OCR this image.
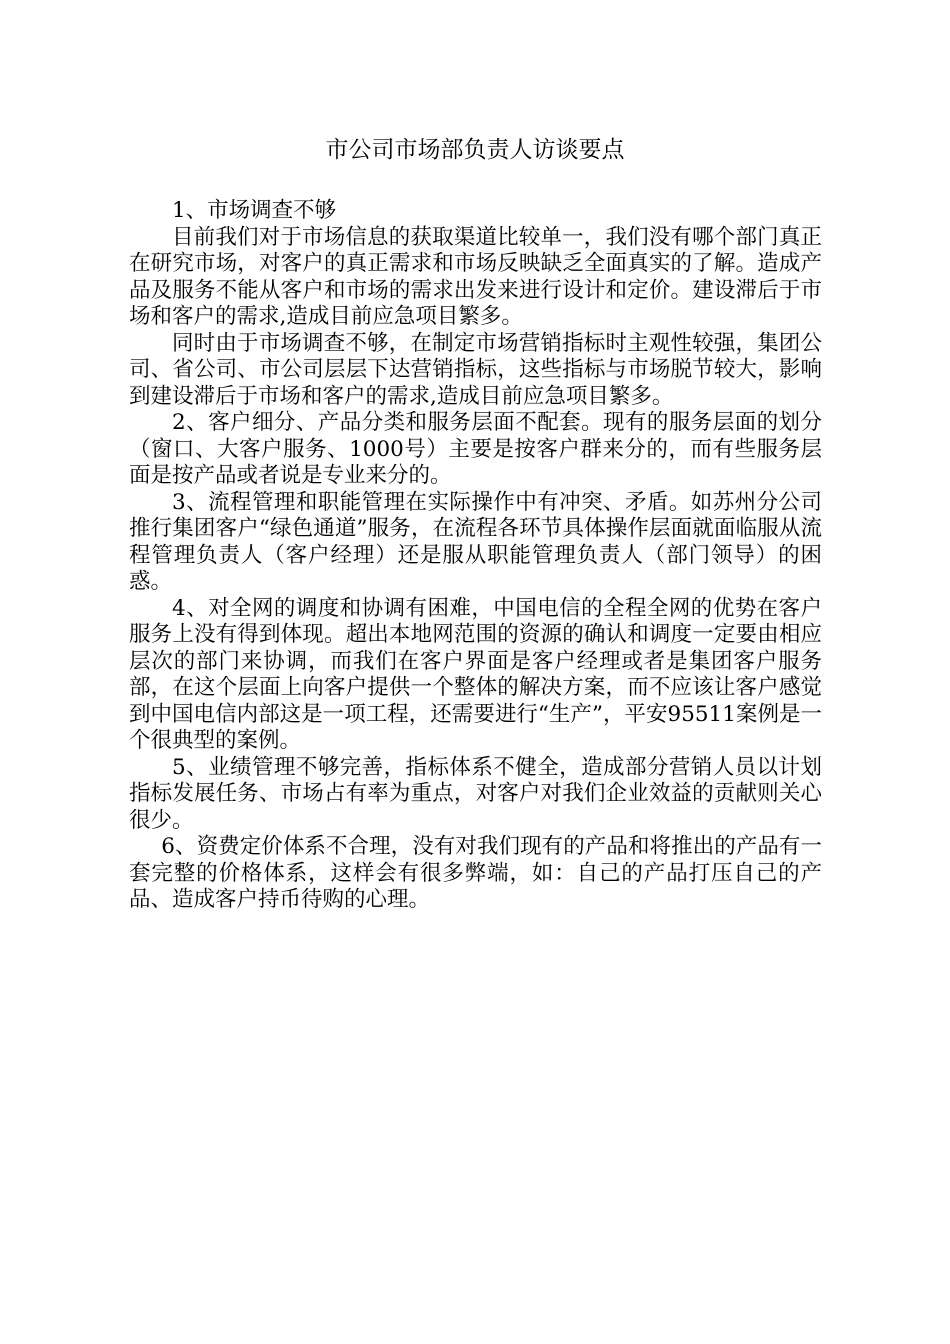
市公司市场部负责人访谈要点

1、市场调查不够

目前我们对于市场信息的获取渠道比较单一，我们没有哪个部门真正在研究市场，对客户的真正需求和市场反映缺乏全面真实的了解。造成产品及服务不能从客户和市场的需求出发来进行设计和定价。建设滞后于市场和客户的需求,造成目前应急项目繁多。

同时由于市场调查不够，在制定市场营销指标时主观性较强，集团公司、省公司、市公司层层下达营销指标，这些指标与市场脱节较大，影响到建设滞后于市场和客户的需求,造成目前应急项目繁多。

2、客户细分、产品分类和服务层面不配套。现有的服务层面的划分（窗口、大客户服务、1000号）主要是按客户群来分的，而有些服务层面是按产品或者说是专业来分的。

3、流程管理和职能管理在实际操作中有冲突、矛盾。如苏州分公司推行集团客户“绿色通道”服务，在流程各环节具体操作层面就面临服从流程管理负责人（客户经理）还是服从职能管理负责人（部门领导）的困惑。

4、对全网的调度和协调有困难，中国电信的全程全网的优势在客户服务上没有得到体现。超出本地网范围的资源的确认和调度一定要由相应层次的部门来协调，而我们在客户界面是客户经理或者是集团客户服务部，在这个层面上向客户提供一个整体的解决方案，而不应该让客户感觉到中国电信内部这是一项工程，还需要进行“生产”，平安95511案例是一个很典型的案例。

5、业绩管理不够完善，指标体系不健全，造成部分营销人员以计划指标发展任务、市场占有率为重点，对客户对我们企业效益的贡献则关心很少。

6、资费定价体系不合理，没有对我们现有的产品和将推出的产品有一套完整的价格体系，这样会有很多弊端，如：自己的产品打压自己的产品、造成客户持币待购的心理。
